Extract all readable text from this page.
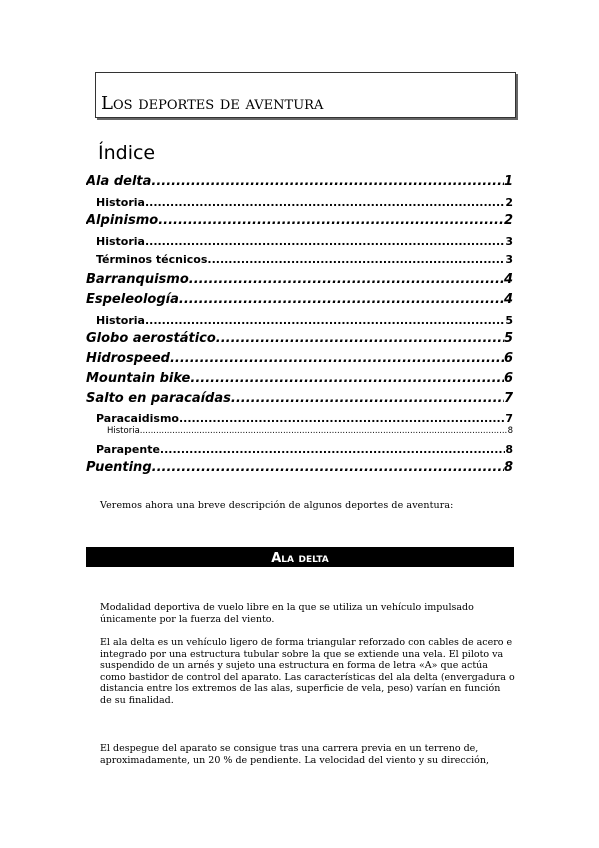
Los deportes de aventura
Índice
Ala delta .....	1
Historia .....	2
Alpinismo .....	2
Historia .....	3
Términos técnicos .....	3
Barranquismo .....	4
Espeleología .....	4
Historia .....	5
Globo aerostático .....	5
Hidrospeed .....	6
Mountain bike .....	6
Salto en paracaídas .....	7
Paracaidismo .....	7
Historia .....	8
Parapente .....	8
Puenting .....	8
Veremos ahora una breve descripción de algunos deportes de aventura:
Ala delta
Modalidad deportiva de vuelo libre en la que se utiliza un vehículo impulsado únicamente por la fuerza del viento.
El ala delta es un vehículo ligero de forma triangular reforzado con cables de acero e integrado por una estructura tubular sobre la que se extiende una vela. El piloto va suspendido de un arnés y sujeto una estructura en forma de letra «A» que actúa como bastidor de control del aparato. Las características del ala delta (envergadura o distancia entre los extremos de las alas, superficie de vela, peso) varían en función de su finalidad.
El despegue del aparato se consigue tras una carrera previa en un terreno de, aproximadamente, un 20 % de pendiente. La velocidad del viento y su dirección,
